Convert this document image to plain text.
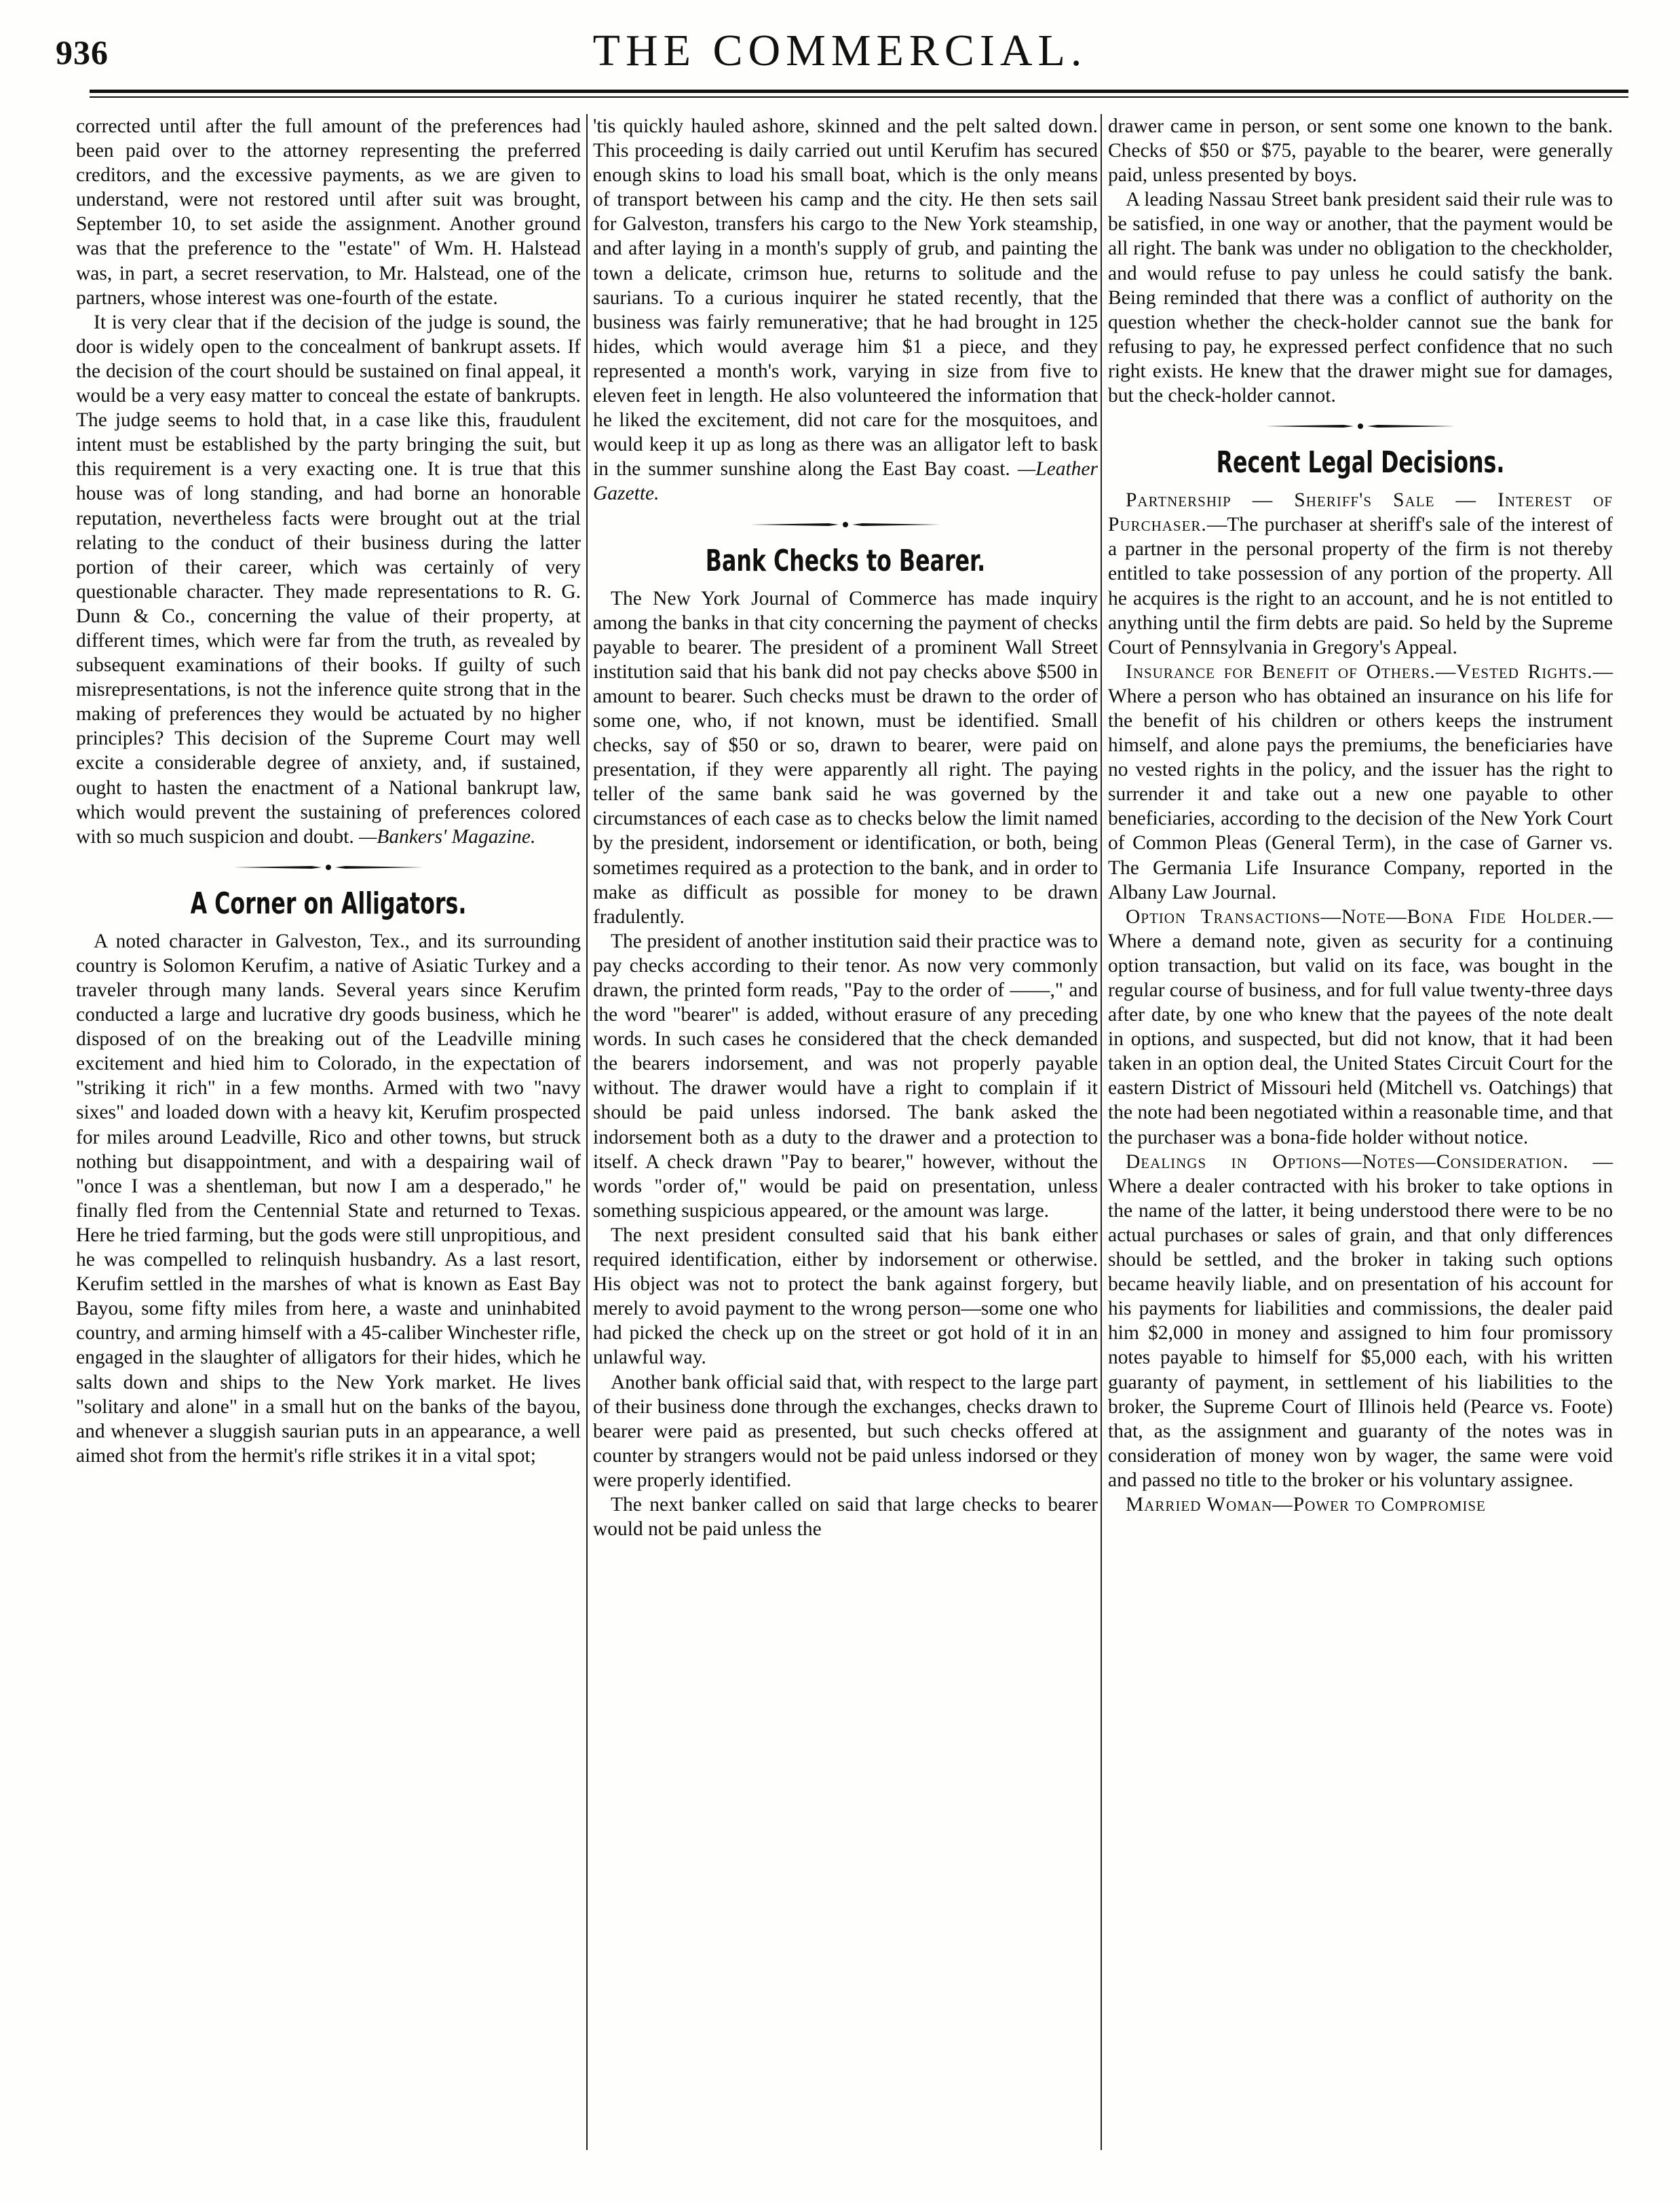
936	THE COMMERCIAL.

corrected until after the full amount of the preferences had been paid over to the attorney representing the preferred creditors, and the excessive payments, as we are given to understand, were not restored until after suit was brought, September 10, to set aside the assignment. Another ground was that the preference to the "estate" of Wm. H. Halstead was, in part, a secret reservation, to Mr. Halstead, one of the partners, whose interest was one-fourth of the estate.

It is very clear that if the decision of the judge is sound, the door is widely open to the concealment of bankrupt assets. If the decision of the court should be sustained on final appeal, it would be a very easy matter to conceal the estate of bankrupts. The judge seems to hold that, in a case like this, fraudulent intent must be established by the party bringing the suit, but this requirement is a very exacting one. It is true that this house was of long standing, and had borne an honorable reputation, nevertheless facts were brought out at the trial relating to the conduct of their business during the latter portion of their career, which was certainly of very questionable character. They made representations to R. G. Dunn & Co., concerning the value of their property, at different times, which were far from the truth, as revealed by subsequent examinations of their books. If guilty of such misrepresentations, is not the inference quite strong that in the making of preferences they would be actuated by no higher principles? This decision of the Supreme Court may well excite a considerable degree of anxiety, and, if sustained, ought to hasten the enactment of a National bankrupt law, which would prevent the sustaining of preferences colored with so much suspicion and doubt. —Bankers' Magazine.

A Corner on Alligators.

A noted character in Galveston, Tex., and its surrounding country is Solomon Kerufim, a native of Asiatic Turkey and a traveler through many lands. Several years since Kerufim conducted a large and lucrative dry goods business, which he disposed of on the breaking out of the Leadville mining excitement and hied him to Colorado, in the expectation of "striking it rich" in a few months. Armed with two "navy sixes" and loaded down with a heavy kit, Kerufim prospected for miles around Leadville, Rico and other towns, but struck nothing but disappointment, and with a despairing wail of "once I was a shentleman, but now I am a desperado," he finally fled from the Centennial State and returned to Texas. Here he tried farming, but the gods were still unpropitious, and he was compelled to relinquish husbandry. As a last resort, Kerufim settled in the marshes of what is known as East Bay Bayou, some fifty miles from here, a waste and uninhabited country, and arming himself with a 45-caliber Winchester rifle, engaged in the slaughter of alligators for their hides, which he salts down and ships to the New York market. He lives "solitary and alone" in a small hut on the banks of the bayou, and whenever a sluggish saurian puts in an appearance, a well aimed shot from the hermit's rifle strikes it in a vital spot;

'tis quickly hauled ashore, skinned and the pelt salted down. This proceeding is daily carried out until Kerufim has secured enough skins to load his small boat, which is the only means of transport between his camp and the city. He then sets sail for Galveston, transfers his cargo to the New York steamship, and after laying in a month's supply of grub, and painting the town a delicate, crimson hue, returns to solitude and the saurians. To a curious inquirer he stated recently, that the business was fairly remunerative; that he had brought in 125 hides, which would average him $1 a piece, and they represented a month's work, varying in size from five to eleven feet in length. He also volunteered the information that he liked the excitement, did not care for the mosquitoes, and would keep it up as long as there was an alligator left to bask in the summer sunshine along the East Bay coast. —Leather Gazette.

Bank Checks to Bearer.

The New York Journal of Commerce has made inquiry among the banks in that city concerning the payment of checks payable to bearer. The president of a prominent Wall Street institution said that his bank did not pay checks above $500 in amount to bearer. Such checks must be drawn to the order of some one, who, if not known, must be identified. Small checks, say of $50 or so, drawn to bearer, were paid on presentation, if they were apparently all right. The paying teller of the same bank said he was governed by the circumstances of each case as to checks below the limit named by the president, indorsement or identification, or both, being sometimes required as a protection to the bank, and in order to make as difficult as possible for money to be drawn fradulently.

The president of another institution said their practice was to pay checks according to their tenor. As now very commonly drawn, the printed form reads, "Pay to the order of ——," and the word "bearer" is added, without erasure of any preceding words. In such cases he considered that the check demanded the bearers indorsement, and was not properly payable without. The drawer would have a right to complain if it should be paid unless indorsed. The bank asked the indorsement both as a duty to the drawer and a protection to itself. A check drawn "Pay to bearer," however, without the words "order of," would be paid on presentation, unless something suspicious appeared, or the amount was large.

The next president consulted said that his bank either required identification, either by indorsement or otherwise. His object was not to protect the bank against forgery, but merely to avoid payment to the wrong person—some one who had picked the check up on the street or got hold of it in an unlawful way.

Another bank official said that, with respect to the large part of their business done through the exchanges, checks drawn to bearer were paid as presented, but such checks offered at counter by strangers would not be paid unless indorsed or they were properly identified.

The next banker called on said that large checks to bearer would not be paid unless the

drawer came in person, or sent some one known to the bank. Checks of $50 or $75, payable to the bearer, were generally paid, unless presented by boys.

A leading Nassau Street bank president said their rule was to be satisfied, in one way or another, that the payment would be all right. The bank was under no obligation to the checkholder, and would refuse to pay unless he could satisfy the bank. Being reminded that there was a conflict of authority on the question whether the check-holder cannot sue the bank for refusing to pay, he expressed perfect confidence that no such right exists. He knew that the drawer might sue for damages, but the check-holder cannot.

Recent Legal Decisions.

Partnership — Sheriff's Sale — Interest of Purchaser.—The purchaser at sheriff's sale of the interest of a partner in the personal property of the firm is not thereby entitled to take possession of any portion of the property. All he acquires is the right to an account, and he is not entitled to anything until the firm debts are paid. So held by the Supreme Court of Pennsylvania in Gregory's Appeal.

Insurance for Benefit of Others.—Vested Rights.—Where a person who has obtained an insurance on his life for the benefit of his children or others keeps the instrument himself, and alone pays the premiums, the beneficiaries have no vested rights in the policy, and the issuer has the right to surrender it and take out a new one payable to other beneficiaries, according to the decision of the New York Court of Common Pleas (General Term), in the case of Garner vs. The Germania Life Insurance Company, reported in the Albany Law Journal.

Option Transactions—Note—Bona Fide Holder.—Where a demand note, given as security for a continuing option transaction, but valid on its face, was bought in the regular course of business, and for full value twenty-three days after date, by one who knew that the payees of the note dealt in options, and suspected, but did not know, that it had been taken in an option deal, the United States Circuit Court for the eastern District of Missouri held (Mitchell vs. Oatchings) that the note had been negotiated within a reasonable time, and that the purchaser was a bona-fide holder without notice.

Dealings in Options—Notes—Consideration. — Where a dealer contracted with his broker to take options in the name of the latter, it being understood there were to be no actual purchases or sales of grain, and that only differences should be settled, and the broker in taking such options became heavily liable, and on presentation of his account for his payments for liabilities and commissions, the dealer paid him $2,000 in money and assigned to him four promissory notes payable to himself for $5,000 each, with his written guaranty of payment, in settlement of his liabilities to the broker, the Supreme Court of Illinois held (Pearce vs. Foote) that, as the assignment and guaranty of the notes was in consideration of money won by wager, the same were void and passed no title to the broker or his voluntary assignee.

Married Woman—Power to Compromise
